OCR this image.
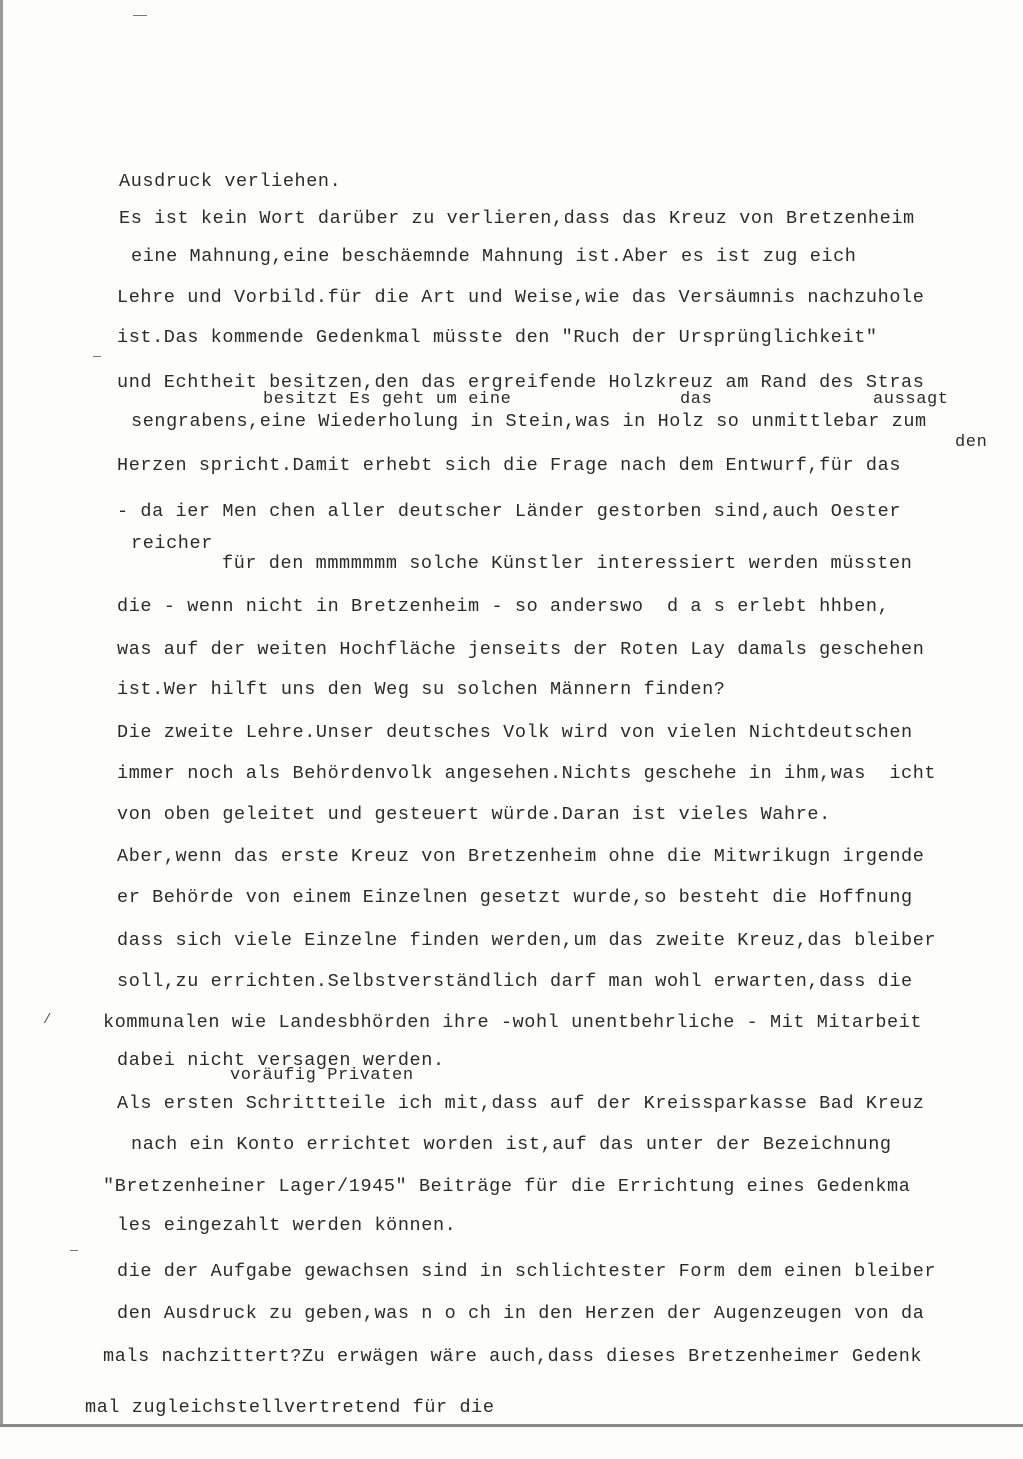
Ausdruck verliehen.
Es ist kein Wort darüber zu verlieren,dass das Kreuz von Bretzenheim
eine Mahnung,eine beschäemnde Mahnung ist.Aber es ist zug eich
Lehre und Vorbild.für die Art und Weise,wie das Versäumnis nachzuhole
ist.Das kommende Gedenkmal müsste den "Ruch der Ursprünglichkeit"
und Echtheit besitzen,den das ergreifende Holzkreuz am Rand des Stras
besitzt Es geht um eine	das	aussagt
sengrabens,eine Wiederholung in Stein,was in Holz so unmittlebar zum
den
Herzen spricht.Damit erhebt sich die Frage nach dem Entwurf,für das
- da ier Men chen aller deutscher Länder gestorben sind,auch Oester
reicher
für den mmmmmmm solche Künstler interessiert werden müssten
die - wenn nicht in Bretzenheim - so anderswo  d a s erlebt hhben,
was auf der weiten Hochfläche jenseits der Roten Lay damals geschehen
ist.Wer hilft uns den Weg su solchen Männern finden?
Die zweite Lehre.Unser deutsches Volk wird von vielen Nichtdeutschen
immer noch als Behördenvolk angesehen.Nichts geschehe in ihm,was  icht
von oben geleitet und gesteuert würde.Daran ist vieles Wahre.
Aber,wenn das erste Kreuz von Bretzenheim ohne die Mitwrikugn irgende
er Behörde von einem Einzelnen gesetzt wurde,so besteht die Hoffnung
dass sich viele Einzelne finden werden,um das zweite Kreuz,das bleiber
soll,zu errichten.Selbstverständlich darf man wohl erwarten,dass die
/	kommunalen wie Landesbhörden ihre -wohl unentbehrliche - Mit Mitarbeit
dabei nicht versagen werden.
voräufig Privaten
Als ersten Schrittteile ich mit,dass auf der Kreissparkasse Bad Kreuz
nach ein Konto errichtet worden ist,auf das unter der Bezeichnung
"Bretzenheiner Lager/1945" Beiträge für die Errichtung eines Gedenkma
les eingezahlt werden können.
die der Aufgabe gewachsen sind in schlichtester Form dem einen bleiber
den Ausdruck zu geben,was n o ch in den Herzen der Augenzeugen von da
mals nachzittert?Zu erwägen wäre auch,dass dieses Bretzenheimer Gedenk
mal zugleichstellvertretend für die
